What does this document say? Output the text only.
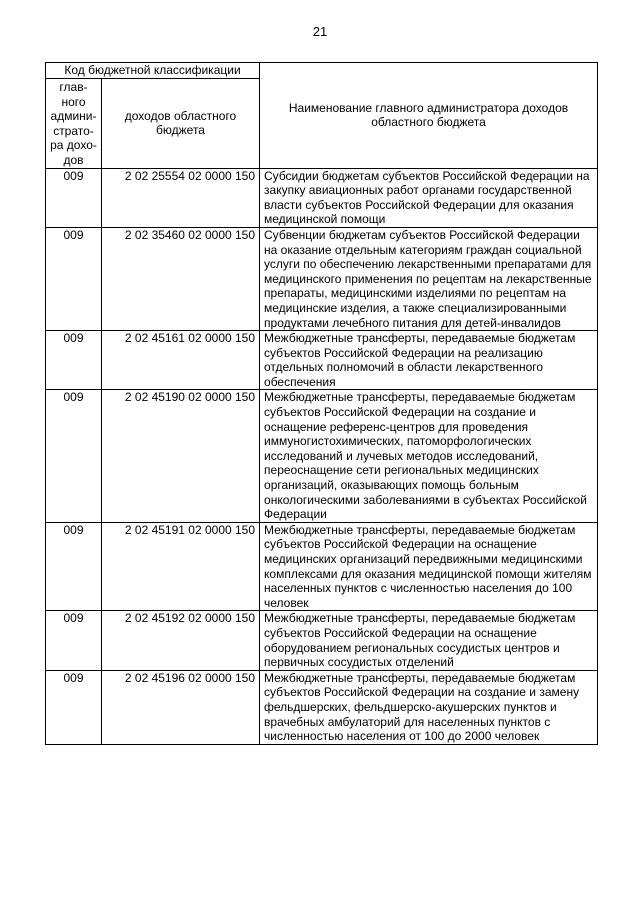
21
Код бюджетной классификации		Наименование главного администратора доходов областного бюджета
глав-ного админи-страто-ра дохо-дов	доходов областного бюджета	
009	2 02 25554 02 0000 150	Субсидии бюджетам субъектов Российской Федерации на закупку авиационных работ органами государственной власти субъектов Российской Федерации для оказания медицинской помощи
009	2 02 35460 02 0000 150	Субвенции бюджетам субъектов Российской Федерации на оказание отдельным категориям граждан социальной услуги по обеспечению лекарственными препаратами для медицинского применения по рецептам на лекарственные препараты, медицинскими изделиями по рецептам на медицинские изделия, а также специализированными продуктами лечебного питания для детей-инвалидов
009	2 02 45161 02 0000 150	Межбюджетные трансферты, передаваемые бюджетам субъектов Российской Федерации на реализацию отдельных полномочий в области лекарственного обеспечения
009	2 02 45190 02 0000 150	Межбюджетные трансферты, передаваемые бюджетам субъектов Российской Федерации на создание и оснащение референс-центров для проведения иммуногистохимических, патоморфологических исследований и лучевых методов исследований, переоснащение сети региональных медицинских организаций, оказывающих помощь больным онкологическими заболеваниями в субъектах Российской Федерации
009	2 02 45191 02 0000 150	Межбюджетные трансферты, передаваемые бюджетам субъектов Российской Федерации на оснащение медицинских организаций передвижными медицинскими комплексами для оказания медицинской помощи жителям населенных пунктов с численностью населения до 100 человек
009	2 02 45192 02 0000 150	Межбюджетные трансферты, передаваемые бюджетам субъектов Российской Федерации на оснащение оборудованием региональных сосудистых центров и первичных сосудистых отделений
009	2 02 45196 02 0000 150	Межбюджетные трансферты, передаваемые бюджетам субъектов Российской Федерации на создание и замену фельдшерских, фельдшерско-акушерских пунктов и врачебных амбулаторий для населенных пунктов с численностью населения от 100 до 2000 человек
